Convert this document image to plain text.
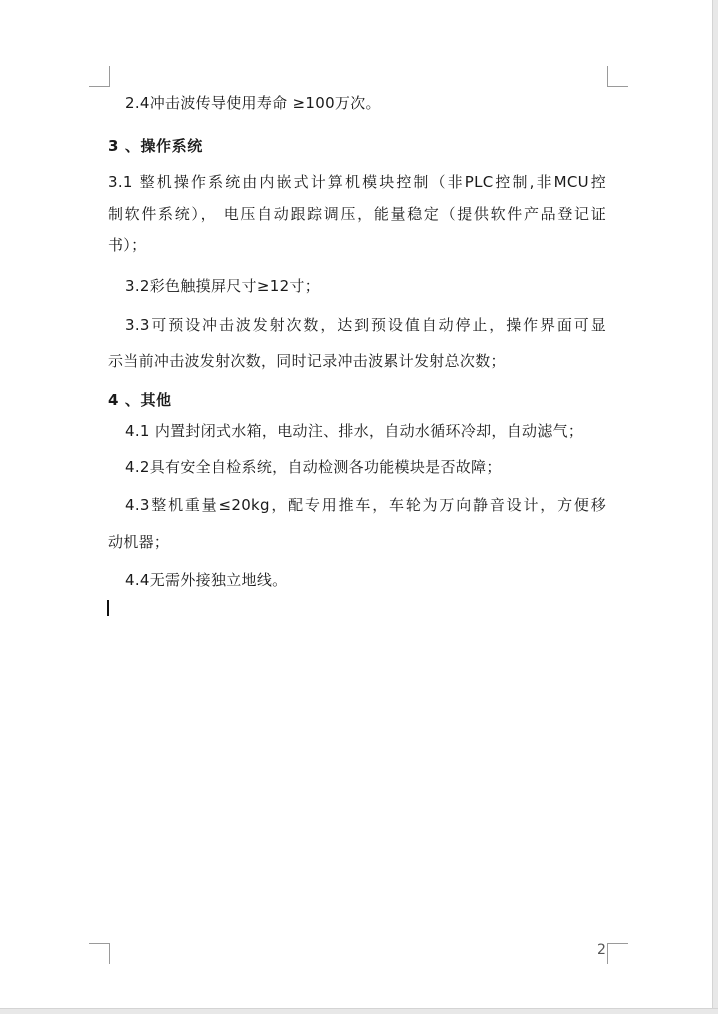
2.4冲击波传导使用寿命 ≥100万次。
3 、操作系统
3.1 整机操作系统由内嵌式计算机模块控制（非PLC控制,非MCU控
制软件系统）， 电压自动跟踪调压，能量稳定（提供软件产品登记证
书）；
3.2彩色触摸屏尺寸≥12寸；
3.3可预设冲击波发射次数，达到预设值自动停止，操作界面可显
示当前冲击波发射次数，同时记录冲击波累计发射总次数；
4 、其他
4.1 内置封闭式水箱，电动注、排水，自动水循环冷却，自动滤气；
4.2具有安全自检系统，自动检测各功能模块是否故障；
4.3整机重量≤20kg，配专用推车，车轮为万向静音设计，方便移
动机器；
4.4无需外接独立地线。
2
